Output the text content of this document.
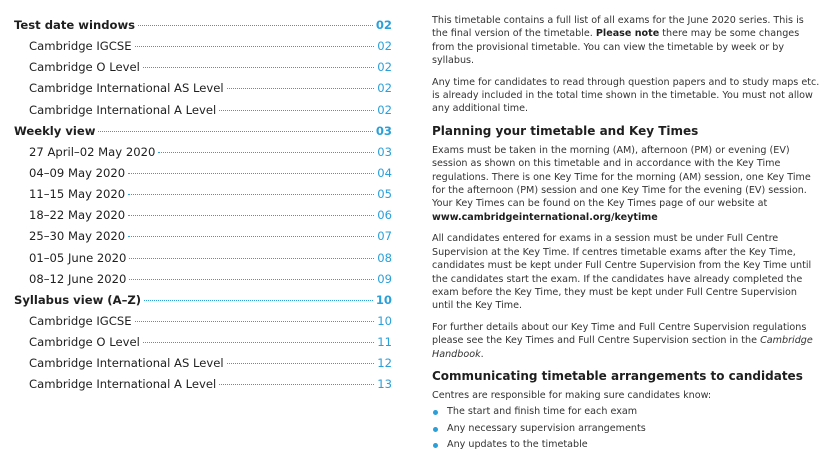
Test date windows	02
Cambridge IGCSE	02
Cambridge O Level	02
Cambridge International AS Level	02
Cambridge International A Level	02
Weekly view	03
27 April–02 May 2020	03
04–09 May 2020	04
11–15 May 2020	05
18–22 May 2020	06
25–30 May 2020	07
01–05 June 2020	08
08–12 June 2020	09
Syllabus view (A–Z)	10
Cambridge IGCSE	10
Cambridge O Level	11
Cambridge International AS Level	12
Cambridge International A Level	13

This timetable contains a full list of all exams for the June 2020 series. This is the final version of the timetable. Please note there may be some changes from the provisional timetable. You can view the timetable by week or by syllabus.

Any time for candidates to read through question papers and to study maps etc. is already included in the total time shown in the timetable. You must not allow any additional time.

Planning your timetable and Key Times

Exams must be taken in the morning (AM), afternoon (PM) or evening (EV) session as shown on this timetable and in accordance with the Key Time regulations. There is one Key Time for the morning (AM) session, one Key Time for the afternoon (PM) session and one Key Time for the evening (EV) session. Your Key Times can be found on the Key Times page of our website at www.cambridgeinternational.org/keytime

All candidates entered for exams in a session must be under Full Centre Supervision at the Key Time. If centres timetable exams after the Key Time, candidates must be kept under Full Centre Supervision from the Key Time until the candidates start the exam. If the candidates have already completed the exam before the Key Time, they must be kept under Full Centre Supervision until the Key Time.

For further details about our Key Time and Full Centre Supervision regulations please see the Key Times and Full Centre Supervision section in the Cambridge Handbook.

Communicating timetable arrangements to candidates

Centres are responsible for making sure candidates know:

The start and finish time for each exam
Any necessary supervision arrangements
Any updates to the timetable
